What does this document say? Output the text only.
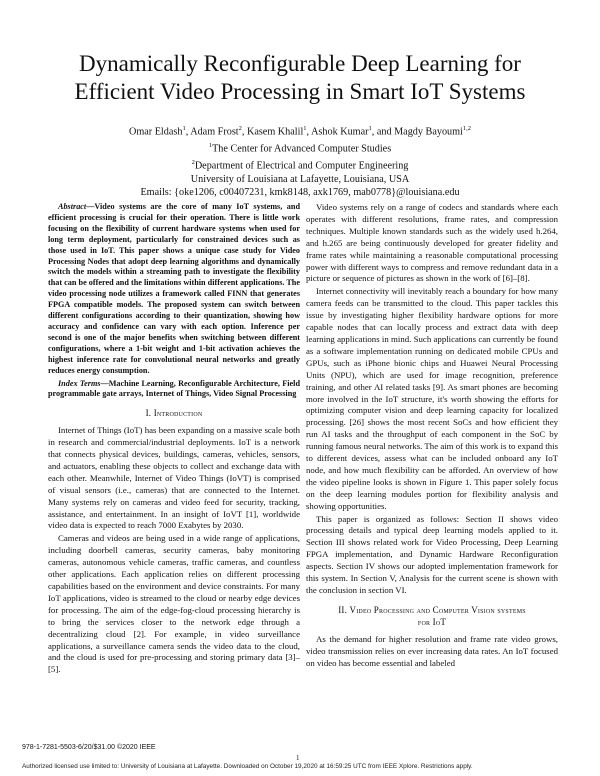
Dynamically Reconfigurable Deep Learning for
Efficient Video Processing in Smart IoT Systems
Omar Eldash$^1$, Adam Frost$^2$, Kasem Khalil$^1$, Ashok Kumar$^1$, and Magdy Bayoumi$^{1,2}$
$^1$The Center for Advanced Computer Studies
$^2$Department of Electrical and Computer Engineering
University of Louisiana at Lafayette, Louisiana, USA
Emails: {oke1206, c00407231, kmk8148, axk1769, mab0778}@louisiana.edu

Abstract—Video systems are the core of many IoT systems, and efficient processing is crucial for their operation. There is little work focusing on the flexibility of current hardware systems when used for long term deployment, particularly for constrained devices such as those used in IoT. This paper shows a unique case study for Video Processing Nodes that adopt deep learning algorithms and dynamically switch the models within a streaming path to investigate the flexibility that can be offered and the limitations within different applications. The video processing node utilizes a framework called FINN that generates FPGA compatible models. The proposed system can switch between different configurations according to their quantization, showing how accuracy and confidence can vary with each option. Inference per second is one of the major benefits when switching between different configurations, where a 1-bit weight and 1-bit activation achieves the highest inference rate for convolutional neural networks and greatly reduces energy consumption.

Index Terms—Machine Learning, Reconfigurable Architecture, Field programmable gate arrays, Internet of Things, Video Signal Processing

I. Introduction

Internet of Things (IoT) has been expanding on a massive scale both in research and commercial/industrial deployments. IoT is a network that connects physical devices, buildings, cameras, vehicles, sensors, and actuators, enabling these objects to collect and exchange data with each other. Meanwhile, Internet of Video Things (IoVT) is comprised of visual sensors (i.e., cameras) that are connected to the Internet. Many systems rely on cameras and video feed for security, tracking, assistance, and entertainment. In an insight of IoVT [1], worldwide video data is expected to reach 7000 Exabytes by 2030.

Cameras and videos are being used in a wide range of applications, including doorbell cameras, security cameras, baby monitoring cameras, autonomous vehicle cameras, traffic cameras, and countless other applications. Each application relies on different processing capabilities based on the environment and device constraints. For many IoT applications, video is streamed to the cloud or nearby edge devices for processing. The aim of the edge-fog-cloud processing hierarchy is to bring the services closer to the network edge through a decentralizing cloud [2]. For example, in video surveillance applications, a surveillance camera sends the video data to the cloud, and the cloud is used for pre-processing and storing primary data [3]–[5].

Video systems rely on a range of codecs and standards where each operates with different resolutions, frame rates, and compression techniques. Multiple known standards such as the widely used h.264, and h.265 are being continuously developed for greater fidelity and frame rates while maintaining a reasonable computational processing power with different ways to compress and remove redundant data in a picture or sequence of pictures as shown in the work of [6]–[8].

Internet connectivity will inevitably reach a boundary for how many camera feeds can be transmitted to the cloud. This paper tackles this issue by investigating higher flexibility hardware options for more capable nodes that can locally process and extract data with deep learning applications in mind. Such applications can currently be found as a software implementation running on dedicated mobile CPUs and GPUs, such as iPhone bionic chips and Huawei Neural Processing Units (NPU), which are used for image recognition, preference training, and other AI related tasks [9]. As smart phones are becoming more involved in the IoT structure, it's worth showing the efforts for optimizing computer vision and deep learning capacity for localized processing. [26] shows the most recent SoCs and how efficient they run AI tasks and the throughput of each component in the SoC by running famous neural networks. The aim of this work is to expand this to different devices, assess what can be included onboard any IoT node, and how much flexibility can be afforded. An overview of how the video pipeline looks is shown in Figure 1. This paper solely focus on the deep learning modules portion for flexibility analysis and showing opportunities.

This paper is organized as follows: Section II shows video processing details and typical deep learning models applied to it. Section III shows related work for Video Processing, Deep Learning FPGA implementation, and Dynamic Hardware Reconfiguration aspects. Section IV shows our adopted implementation framework for this system. In Section V, Analysis for the current scene is shown with the conclusion in section VI.

II. Video Processing and Computer Vision systems
for IoT

As the demand for higher resolution and frame rate video grows, video transmission relies on ever increasing data rates. An IoT focused on video has become essential and labeled

978-1-7281-5503-6/20/$31.00 ©2020 IEEE
1
Authorized licensed use limited to: University of Louisiana at Lafayette. Downloaded on October 19,2020 at 16:59:25 UTC from IEEE Xplore. Restrictions apply.
